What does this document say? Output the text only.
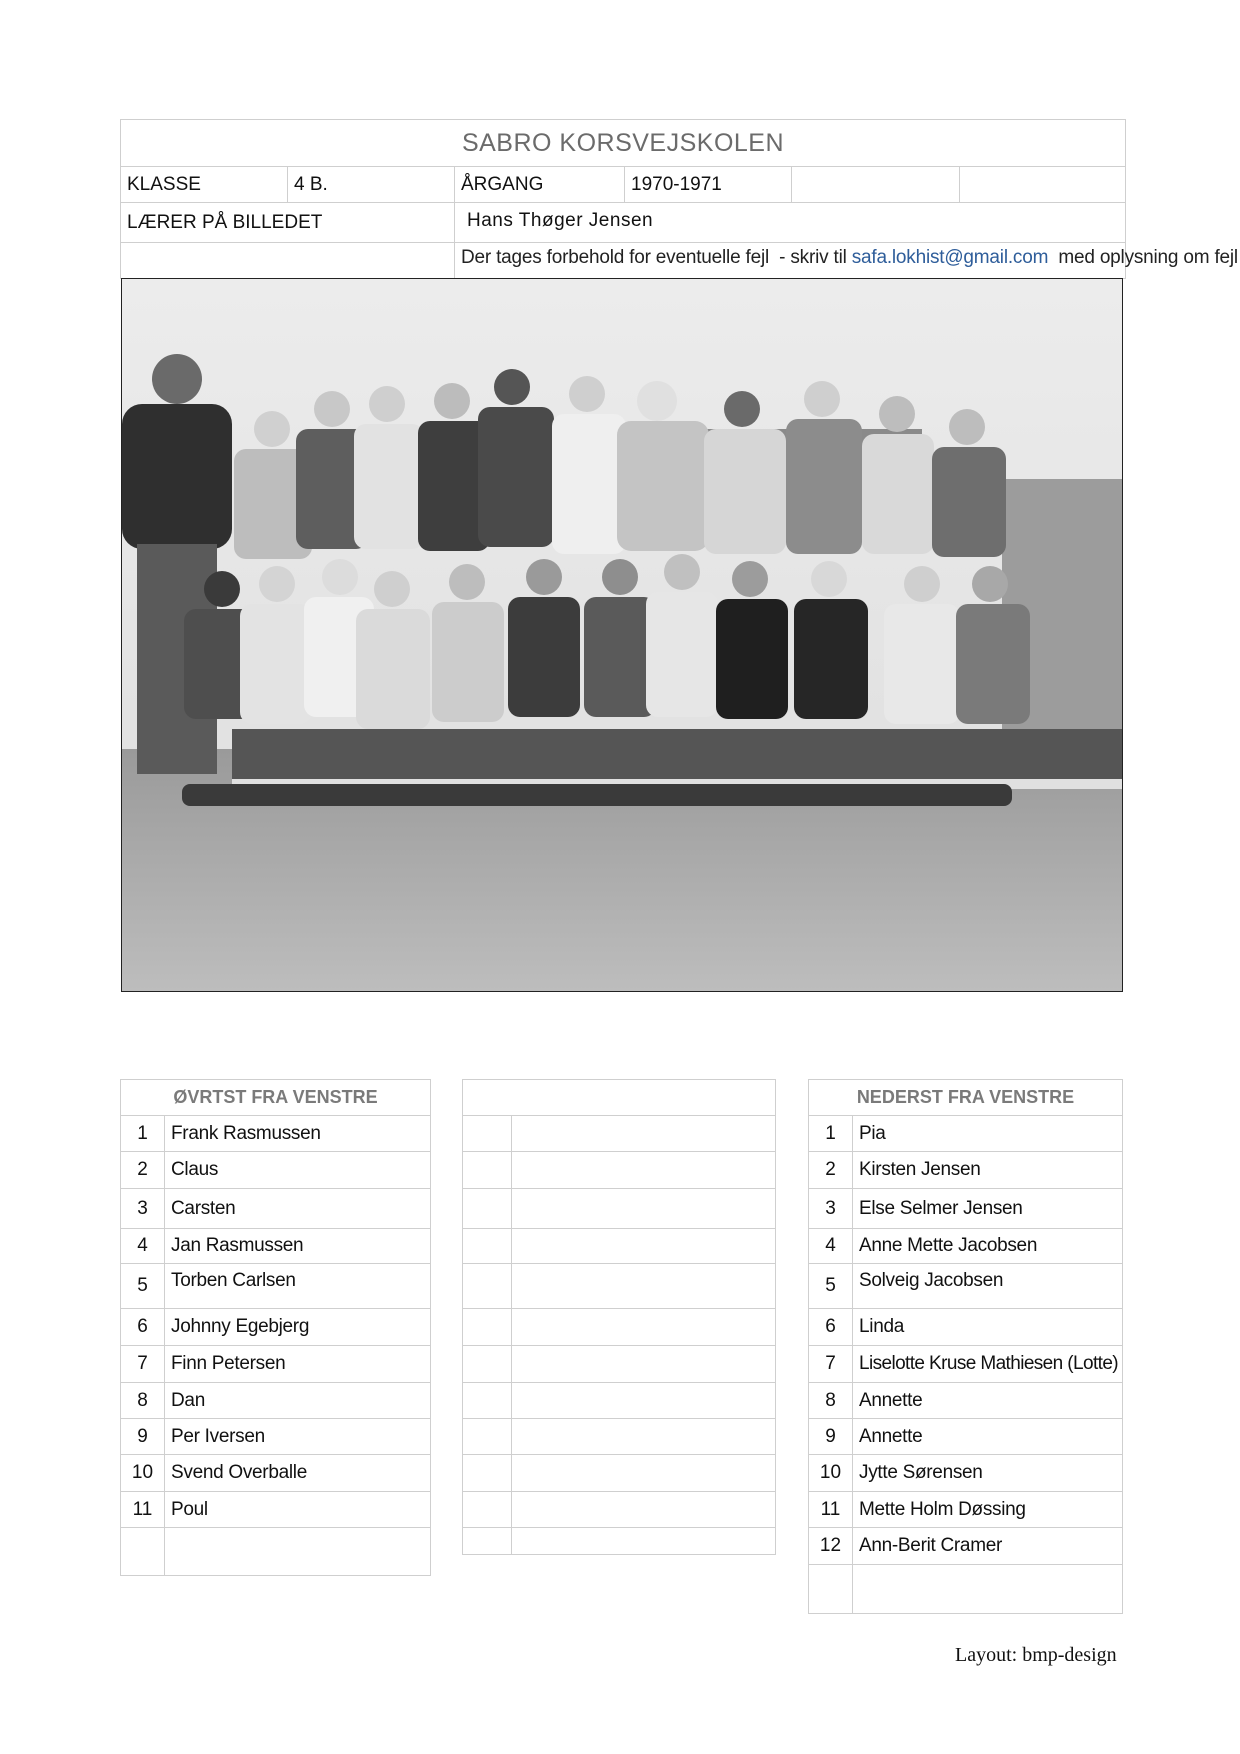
SABRO KORSVEJSKOLEN
KLASSE	4 B.	ÅRGANG	1970-1971
LÆRER PÅ BILLEDET	Hans Thøger Jensen
Der tages forbehold for eventuelle fejl  - skriv til safa.lokhist@gmail.com med oplysning om fejl
ØVRTST FRA VENSTRE
1	Frank Rasmussen
2	Claus
3	Carsten
4	Jan Rasmussen
5	Torben Carlsen
6	Johnny Egebjerg
7	Finn Petersen
8	Dan
9	Per Iversen
10 Svend Overballe
11 Poul
NEDERST FRA VENSTRE
1	Pia
2	Kirsten Jensen
3	Else Selmer Jensen
4	Anne Mette Jacobsen
5	Solveig Jacobsen
6	Linda
7	Liselotte Kruse Mathiesen (Lotte)
8	Annette
9	Annette
10 Jytte Sørensen
11 Mette Holm Døssing
12 Ann-Berit Cramer
Layout: bmp-design
